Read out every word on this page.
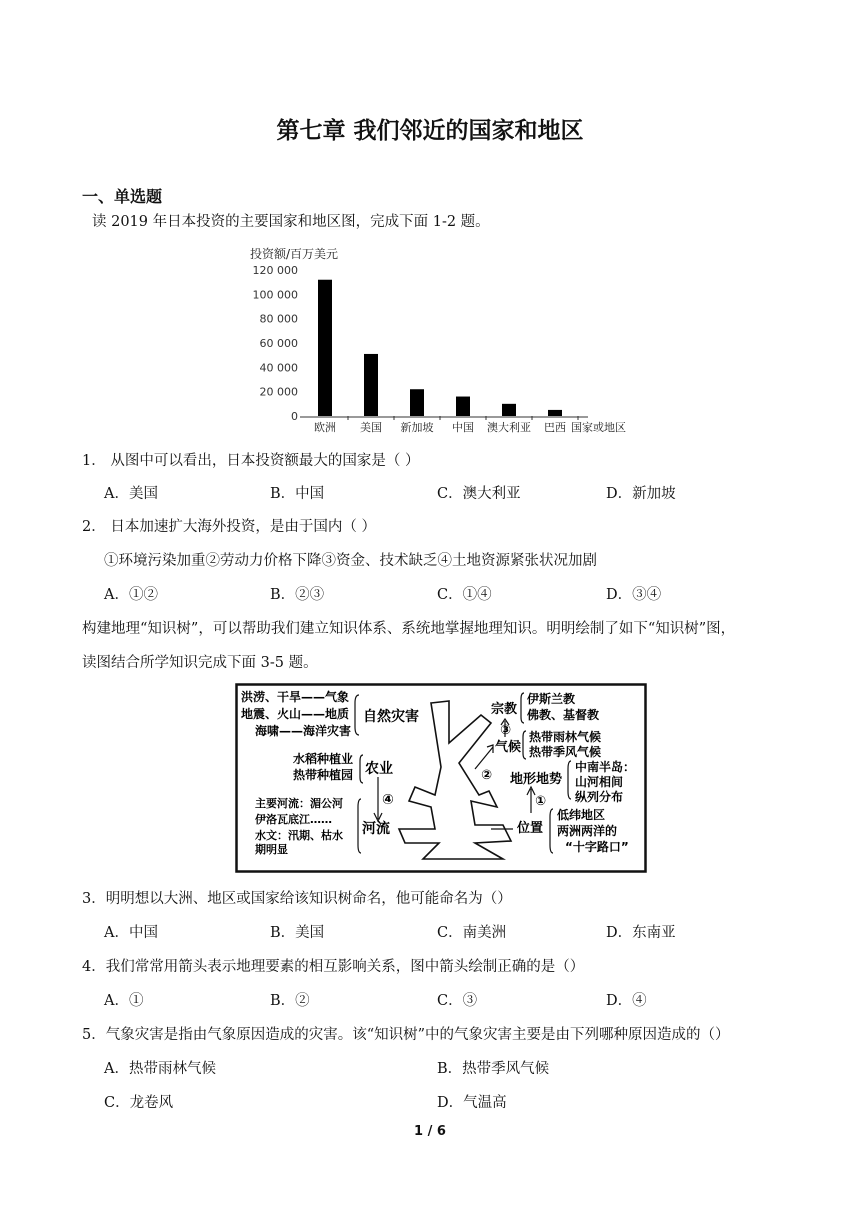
第七章 我们邻近的国家和地区
一、单选题
读 2019 年日本投资的主要国家和地区图，完成下面 1-2 题。
投资额/百万美元
120 000
100 000
80 000
60 000
40 000
20 000
0
欧洲 美国 新加坡 中国 澳大利亚 巴西 国家或地区
1． 从图中可以看出，日本投资额最大的国家是（ ）
A．美国	B．中国	C．澳大利亚	D．新加坡
2． 日本加速扩大海外投资，是由于国内（ ）
①环境污染加重②劳动力价格下降③资金、技术缺乏④土地资源紧张状况加剧
A．①②	B．②③	C．①④	D．③④
构建地理“知识树”，可以帮助我们建立知识体系、系统地掌握地理知识。明明绘制了如下“知识树”图，
读图结合所学知识完成下面 3-5 题。
洪涝、干旱——气象
地震、火山——地质
海啸——海洋灾害
自然灾害
水稻种植业
热带种植园 农业
④
主要河流：湄公河
伊洛瓦底江……
水文：汛期、枯水
期明显
河流
宗教
伊斯兰教
佛教、基督教
③
气候
热带雨林气候
热带季风气候
② 地形地势
中南半岛：
山河相间
纵列分布
①
位置
低纬地区
两洲两洋的
“十字路口”
3．明明想以大洲、地区或国家给该知识树命名，他可能命名为（）
A．中国	B．美国	C．南美洲	D．东南亚
4．我们常常用箭头表示地理要素的相互影响关系，图中箭头绘制正确的是（）
A．①	B．②	C．③	D．④
5．气象灾害是指由气象原因造成的灾害。该“知识树”中的气象灾害主要是由下列哪种原因造成的（）
A．热带雨林气候	B．热带季风气候
C．龙卷风	D．气温高
1 / 6
